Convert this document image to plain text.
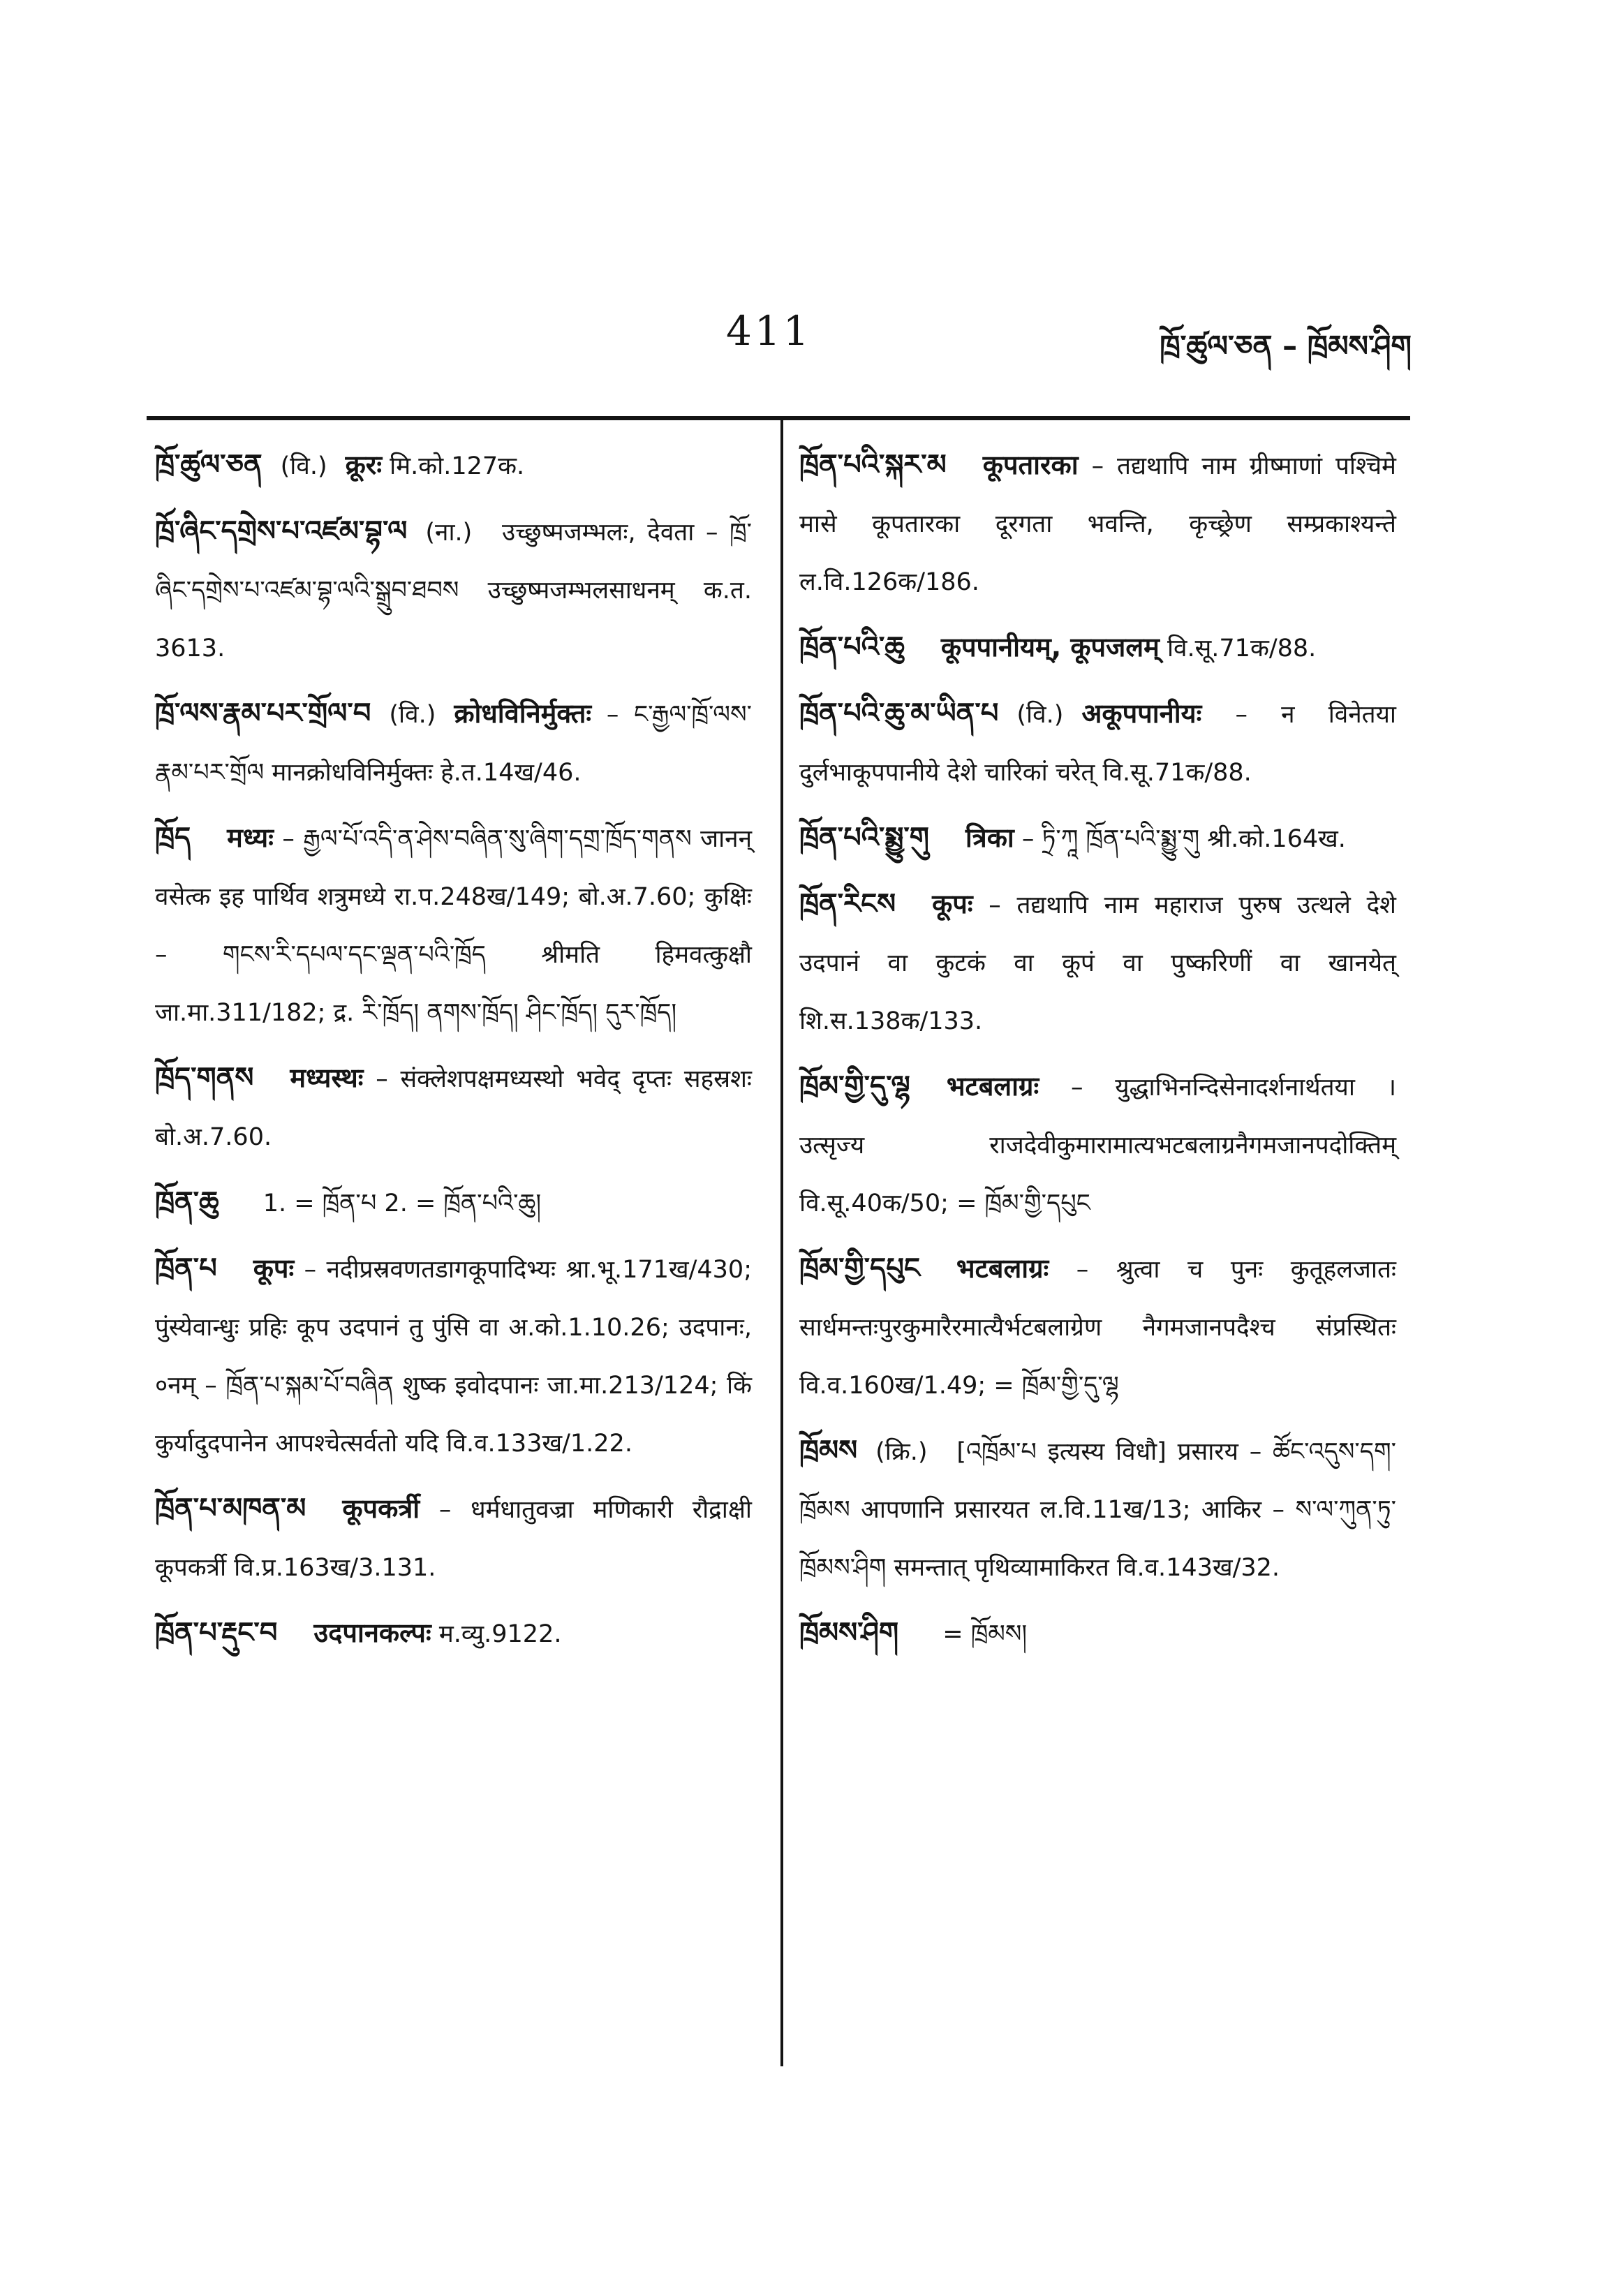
411	ཁྲོ་ཚུལ་ཅན – ཁྲོམས་ཤིག
ཁྲོ་ཚུལ་ཅན (वि.) क्रूरः मि.को.127क.
ཁྲོ་ཞིང་དགྲེས་པ་འཛམ་བྷ་ལ (ना.) उच्छुष्मजम्भलः, देवता – ཁྲོ་ཞིང་དགྲེས་པ་འཛམ་བྷ་ལའི་སྒྲུབ་ཐབས उच्छुष्मजम्भलसाधनम् क.त. 3613.
ཁྲོ་ལས་རྣམ་པར་གྲོལ་བ (वि.) क्रोधविनिर्मुक्तः – ང་རྒྱལ་ཁྲོ་ལས་རྣམ་པར་གྲོལ मानक्रोधविनिर्मुक्तः हे.त.14ख/46.
ཁྲོད मध्यः – རྒྱལ་པོ་འདི་ན་ཤེས་བཞིན་སུ་ཞིག་དགྲ་ཁྲོད་གནས जानन् वसेत्क इह पार्थिव शत्रुमध्ये रा.प.248ख/149; बो.अ.7.60; कुक्षिः – གངས་རི་དཔལ་དང་ལྡན་པའི་ཁྲོད श्रीमति हिमवत्कुक्षौ जा.मा.311/182; द्र. རི་ཁྲོད། ནགས་ཁྲོད། ཤིང་ཁྲོད། དུར་ཁྲོད།
ཁྲོད་གནས मध्यस्थः – संक्लेशपक्षमध्यस्थो भवेद् दृप्तः सहस्रशः बो.अ.7.60.
ཁྲོན་ཆུ 1. = ཁྲོན་པ 2. = ཁྲོན་པའི་ཆུ།
ཁྲོན་པ कूपः – नदीप्रस्रवणतडागकूपादिभ्यः श्रा.भू.171ख/430; पुंस्येवान्धुः प्रहिः कूप उदपानं तु पुंसि वा अ.को.1.10.26; उदपानः, ०नम् – ཁྲོན་པ་སྐམ་པོ་བཞིན शुष्क इवोदपानः जा.मा.213/124; किं कुर्यादुदपानेन आपश्चेत्सर्वतो यदि वि.व.133ख/1.22.
ཁྲོན་པ་མཁན་མ कूपकर्त्री – धर्मधातुवज्रा मणिकारी रौद्राक्षी कूपकर्त्री वि.प्र.163ख/3.131.
ཁྲོན་པ་རྡུང་བ उदपानकल्पः म.व्यु.9122.
ཁྲོན་པའི་སྐར་མ कूपतारका – तद्यथापि नाम ग्रीष्माणां पश्चिमे मासे कूपतारका दूरगता भवन्ति, कृच्छ्रेण सम्प्रकाश्यन्ते ल.वि.126क/186.
ཁྲོན་པའི་ཆུ कूपपानीयम्, कूपजलम् वि.सू.71क/88.
ཁྲོན་པའི་ཆུ་མ་ཡིན་པ (वि.) अकूपपानीयः – न विनेतया दुर्लभाकूपपानीये देशे चारिकां चरेत् वि.सू.71क/88.
ཁྲོན་པའི་སྨྱུ་གུ त्रिका – ཏྲི་ཀཱ ཁྲོན་པའི་སྨྱུ་གུ श्री.को.164ख.
ཁྲོན་རིངས कूपः – तद्यथापि नाम महाराज पुरुष उत्थले देशे उदपानं वा कुटकं वा कूपं वा पुष्करिणीं वा खानयेत् शि.स.138क/133.
ཁྲོམ་གྱི་དུ་ལྷ भटबलाग्रः – युद्धाभिनन्दिसेनादर्शनार्थतया । उत्सृज्य राजदेवीकुमारामात्यभटबलाग्रनैगमजानपदोक्तिम् वि.सू.40क/50; = ཁྲོམ་གྱི་དཔུང
ཁྲོམ་གྱི་དཔུང भटबलाग्रः – श्रुत्वा च पुनः कुतूहलजातः सार्धमन्तःपुरकुमारैरमात्यैर्भटबलाग्रेण नैगमजानपदैश्च संप्रस्थितः वि.व.160ख/1.49; = ཁྲོམ་གྱི་དུ་ལྷ
ཁྲོམས (क्रि.) [འཁྲོམ་པ इत्यस्य विधौ] प्रसारय – ཚོང་འདུས་དག་ཁྲོམས आपणानि प्रसारयत ल.वि.11ख/13; आकिर – ས་ལ་ཀུན་ཏུ་ཁྲོམས་ཤིག समन्तात् पृथिव्यामाकिरत वि.व.143ख/32.
ཁྲོམས་ཤིག = ཁྲོམས།
